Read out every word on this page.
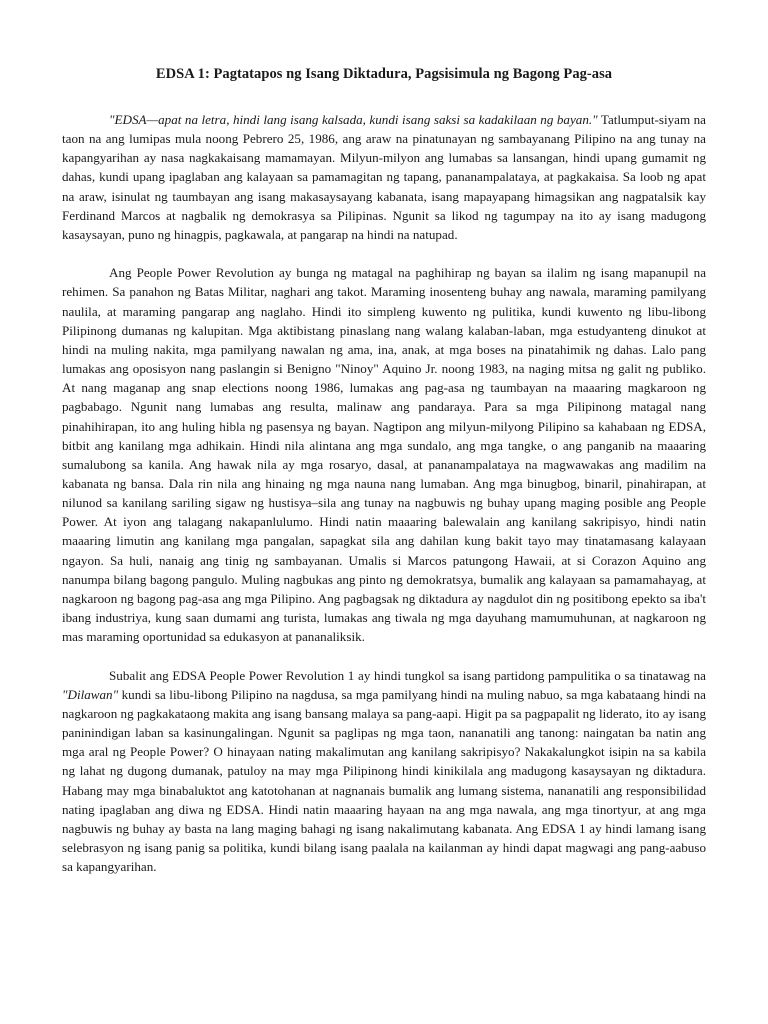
EDSA 1: Pagtatapos ng Isang Diktadura, Pagsisimula ng Bagong Pag-asa

"EDSA—apat na letra, hindi lang isang kalsada, kundi isang saksi sa kadakilaan ng bayan." Tatlumput-siyam na taon na ang lumipas mula noong Pebrero 25, 1986, ang araw na pinatunayan ng sambayanang Pilipino na ang tunay na kapangyarihan ay nasa nagkakaisang mamamayan. Milyun-milyon ang lumabas sa lansangan, hindi upang gumamit ng dahas, kundi upang ipaglaban ang kalayaan sa pamamagitan ng tapang, pananampalataya, at pagkakaisa. Sa loob ng apat na araw, isinulat ng taumbayan ang isang makasaysayang kabanata, isang mapayapang himagsikan ang nagpatalsik kay Ferdinand Marcos at nagbalik ng demokrasya sa Pilipinas. Ngunit sa likod ng tagumpay na ito ay isang madugong kasaysayan, puno ng hinagpis, pagkawala, at pangarap na hindi na natupad.

Ang People Power Revolution ay bunga ng matagal na paghihirap ng bayan sa ilalim ng isang mapanupil na rehimen. Sa panahon ng Batas Militar, naghari ang takot. Maraming inosenteng buhay ang nawala, maraming pamilyang naulila, at maraming pangarap ang naglaho. Hindi ito simpleng kuwento ng pulitika, kundi kuwento ng libu-libong Pilipinong dumanas ng kalupitan. Mga aktibistang pinaslang nang walang kalaban-laban, mga estudyanteng dinukot at hindi na muling nakita, mga pamilyang nawalan ng ama, ina, anak, at mga boses na pinatahimik ng dahas. Lalo pang lumakas ang oposisyon nang paslangin si Benigno "Ninoy" Aquino Jr. noong 1983, na naging mitsa ng galit ng publiko. At nang maganap ang snap elections noong 1986, lumakas ang pag-asa ng taumbayan na maaaring magkaroon ng pagbabago. Ngunit nang lumabas ang resulta, malinaw ang pandaraya. Para sa mga Pilipinong matagal nang pinahihirapan, ito ang huling hibla ng pasensya ng bayan. Nagtipon ang milyun-milyong Pilipino sa kahabaan ng EDSA, bitbit ang kanilang mga adhikain. Hindi nila alintana ang mga sundalo, ang mga tangke, o ang panganib na maaaring sumalubong sa kanila. Ang hawak nila ay mga rosaryo, dasal, at pananampalataya na magwawakas ang madilim na kabanata ng bansa. Dala rin nila ang hinaing ng mga nauna nang lumaban. Ang mga binugbog, binaril, pinahirapan, at nilunod sa kanilang sariling sigaw ng hustisya–sila ang tunay na nagbuwis ng buhay upang maging posible ang People Power. At iyon ang talagang nakapanlulumo. Hindi natin maaaring balewalain ang kanilang sakripisyo, hindi natin maaaring limutin ang kanilang mga pangalan, sapagkat sila ang dahilan kung bakit tayo may tinatamasang kalayaan ngayon. Sa huli, nanaig ang tinig ng sambayanan. Umalis si Marcos patungong Hawaii, at si Corazon Aquino ang nanumpa bilang bagong pangulo. Muling nagbukas ang pinto ng demokratsya, bumalik ang kalayaan sa pamamahayag, at nagkaroon ng bagong pag-asa ang mga Pilipino. Ang pagbagsak ng diktadura ay nagdulot din ng positibong epekto sa iba't ibang industriya, kung saan dumami ang turista, lumakas ang tiwala ng mga dayuhang mamumuhunan, at nagkaroon ng mas maraming oportunidad sa edukasyon at pananaliksik.

Subalit ang EDSA People Power Revolution 1 ay hindi tungkol sa isang partidong pampulitika o sa tinatawag na "Dilawan" kundi sa libu-libong Pilipino na nagdusa, sa mga pamilyang hindi na muling nabuo, sa mga kabataang hindi na nagkaroon ng pagkakataong makita ang isang bansang malaya sa pang-aapi. Higit pa sa pagpapalit ng liderato, ito ay isang paninindigan laban sa kasinungalingan. Ngunit sa paglipas ng mga taon, nananatili ang tanong: naingatan ba natin ang mga aral ng People Power? O hinayaan nating makalimutan ang kanilang sakripisyo? Nakakalungkot isipin na sa kabila ng lahat ng dugong dumanak, patuloy na may mga Pilipinong hindi kinikilala ang madugong kasaysayan ng diktadura. Habang may mga binabaluktot ang katotohanan at nagnanais bumalik ang lumang sistema, nananatili ang responsibilidad nating ipaglaban ang diwa ng EDSA. Hindi natin maaaring hayaan na ang mga nawala, ang mga tinortyur, at ang mga nagbuwis ng buhay ay basta na lang maging bahagi ng isang nakalimutang kabanata. Ang EDSA 1 ay hindi lamang isang selebrasyon ng isang panig sa politika, kundi bilang isang paalala na kailanman ay hindi dapat magwagi ang pang-aabuso sa kapangyarihan.
